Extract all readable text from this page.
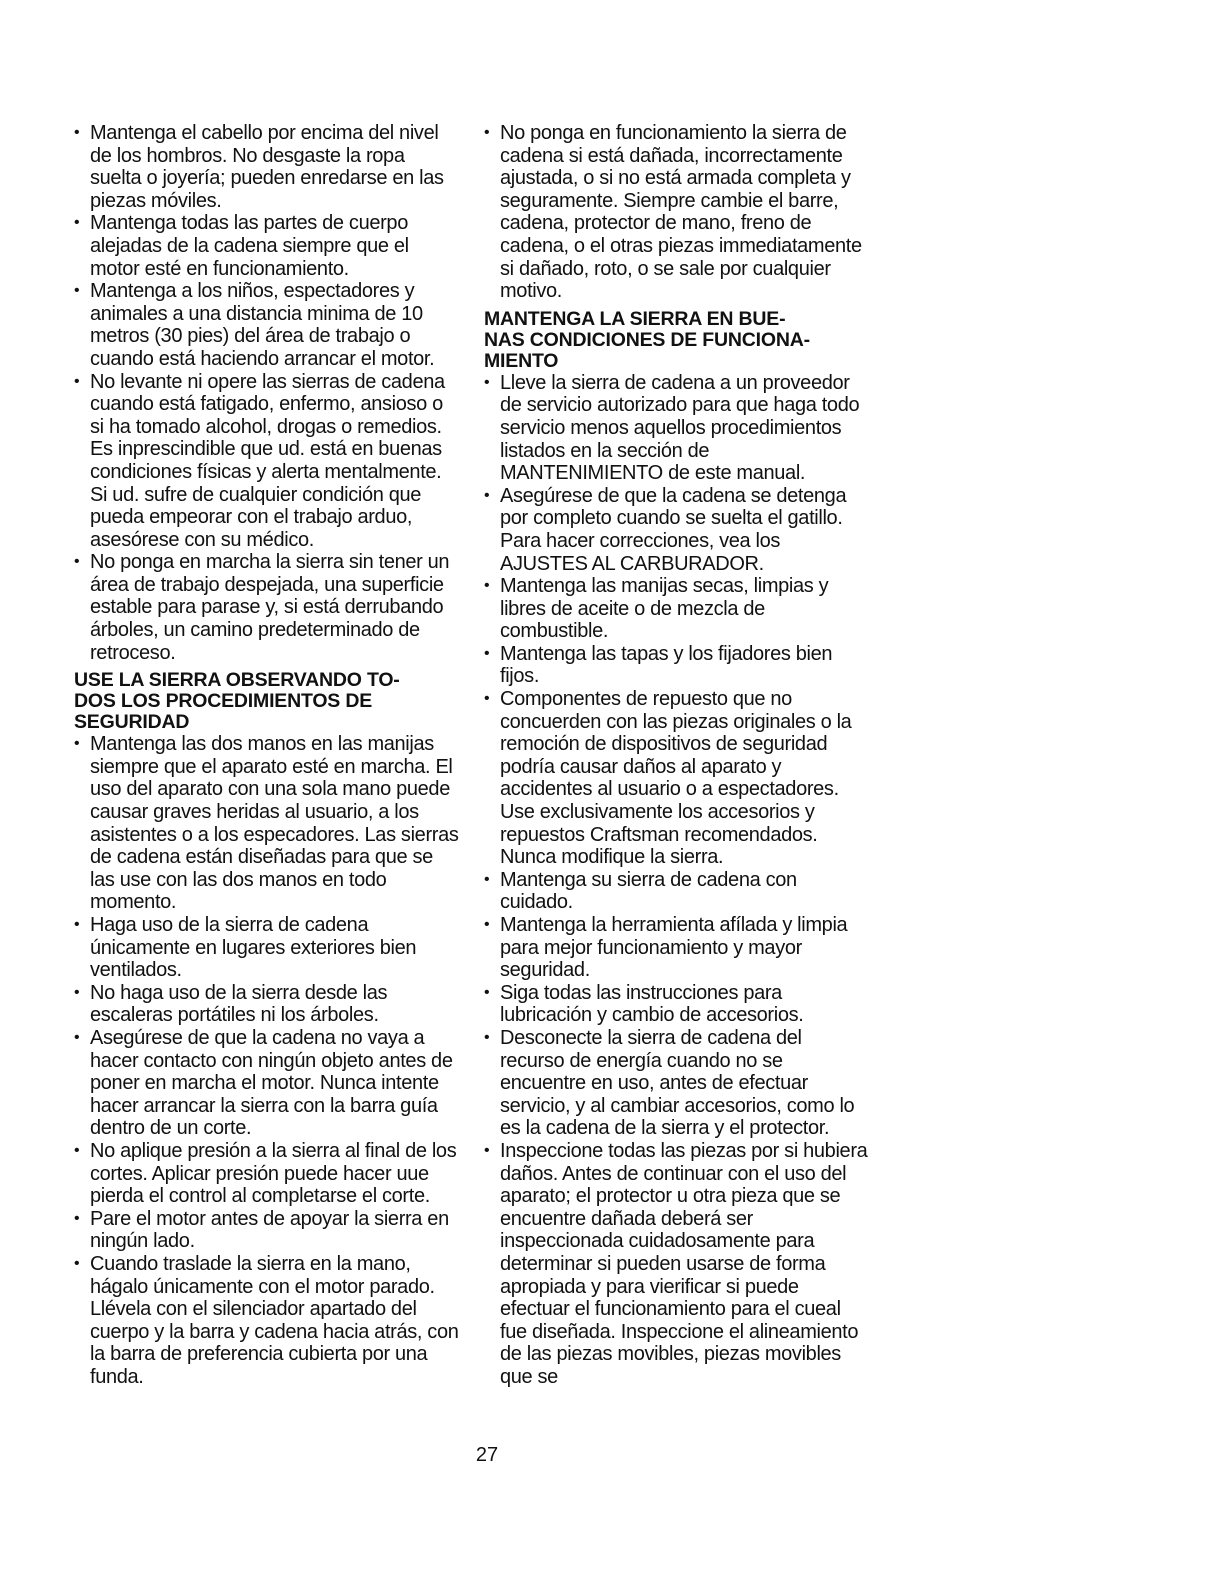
• Mantenga el cabello por encima del nivel de los hombros. No desgaste la ropa suelta o joyería; pueden enredarse en las piezas móviles.
• Mantenga todas las partes de cuerpo alejadas de la cadena siempre que el motor esté en funcionamiento.
• Mantenga a los niños, espectadores y animales a una distancia minima de 10 metros (30 pies) del área de trabajo o cuando está haciendo arrancar el motor.
• No levante ni opere las sierras de cadena cuando está fatigado, enfermo, ansioso o si ha tomado alcohol, drogas o remedios. Es inprescindible que ud. está en buenas condiciones físicas y alerta mentalmente. Si ud. sufre de cualquier condición que pueda empeorar con el trabajo arduo, asesórese con su médico.
• No ponga en marcha la sierra sin tener un área de trabajo despejada, una superficie estable para parase y, si está derrubando árboles, un camino predeterminado de retroceso.
USE LA SIERRA OBSERVANDO TO-
DOS LOS PROCEDIMIENTOS DE
SEGURIDAD
• Mantenga las dos manos en las manijas siempre que el aparato esté en marcha. El uso del aparato con una sola mano puede causar graves heridas al usuario, a los asistentes o a los especadores. Las sierras de cadena están diseñadas para que se las use con las dos manos en todo momento.
• Haga uso de la sierra de cadena únicamente en lugares exteriores bien ventilados.
• No haga uso de la sierra desde las escaleras portátiles ni los árboles.
• Asegúrese de que la cadena no vaya a hacer contacto con ningún objeto antes de poner en marcha el motor. Nunca intente hacer arrancar la sierra con la barra guía dentro de un corte.
• No aplique presión a la sierra al final de los cortes. Aplicar presión puede hacer uue pierda el control al completarse el corte.
• Pare el motor antes de apoyar la sierra en ningún lado.
• Cuando traslade la sierra en la mano, hágalo únicamente con el motor parado. Llévela con el silenciador apartado del cuerpo y la barra y cadena hacia atrás, con la barra de preferencia cubierta por una funda.
• No ponga en funcionamiento la sierra de cadena si está dañada, incorrectamente ajustada, o si no está armada completa y seguramente. Siempre cambie el barre, cadena, protector de mano, freno de cadena, o el otras piezas immediatamente si dañado, roto, o se sale por cualquier motivo.
MANTENGA LA SIERRA EN BUE-
NAS CONDICIONES DE FUNCIONA-
MIENTO
• Lleve la sierra de cadena a un proveedor de servicio autorizado para que haga todo servicio menos aquellos procedimientos listados en la sección de MANTENIMIENTO de este manual.
• Asegúrese de que la cadena se detenga por completo cuando se suelta el gatillo. Para hacer correcciones, vea los AJUSTES AL CARBURADOR.
• Mantenga las manijas secas, limpias y libres de aceite o de mezcla de combustible.
• Mantenga las tapas y los fijadores bien fijos.
• Componentes de repuesto que no concuerden con las piezas originales o la remoción de dispositivos de seguridad podría causar daños al aparato y accidentes al usuario o a espectadores. Use exclusivamente los accesorios y repuestos Craftsman recomendados. Nunca modifique la sierra.
• Mantenga su sierra de cadena con cuidado.
• Mantenga la herramienta afílada y limpia para mejor funcionamiento y mayor seguridad.
• Siga todas las instrucciones para lubricación y cambio de accesorios.
• Desconecte la sierra de cadena del recurso de energía cuando no se encuentre en uso, antes de efectuar servicio, y al cambiar accesorios, como lo es la cadena de la sierra y el protector.
• Inspeccione todas las piezas por si hubiera daños. Antes de continuar con el uso del aparato; el protector u otra pieza que se encuentre dañada deberá ser inspeccionada cuidadosamente para determinar si pueden usarse de forma apropiada y para vierificar si puede efectuar el funcionamiento para el cueal fue diseñada. Inspeccione el alineamiento de las piezas movibles, piezas movibles que se
27
